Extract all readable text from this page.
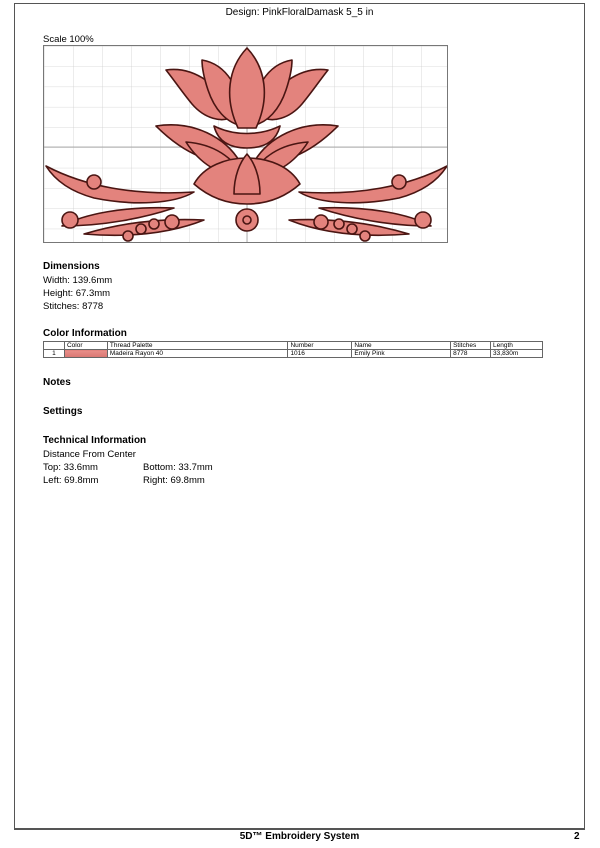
Design: PinkFloralDamask 5_5 in
Scale 100%
Dimensions
Width: 139.6mm
Height: 67.3mm
Stitches: 8778
Color Information
	Color	Thread Palette	Number	Name	Stitches	Length
1		Madeira Rayon 40	1016	Emily Pink	8778	33,830m
Notes
Settings
Technical Information
Distance From Center
Top: 33.6mm	Bottom: 33.7mm
Left: 69.8mm	Right: 69.8mm
5D™ Embroidery System	2
